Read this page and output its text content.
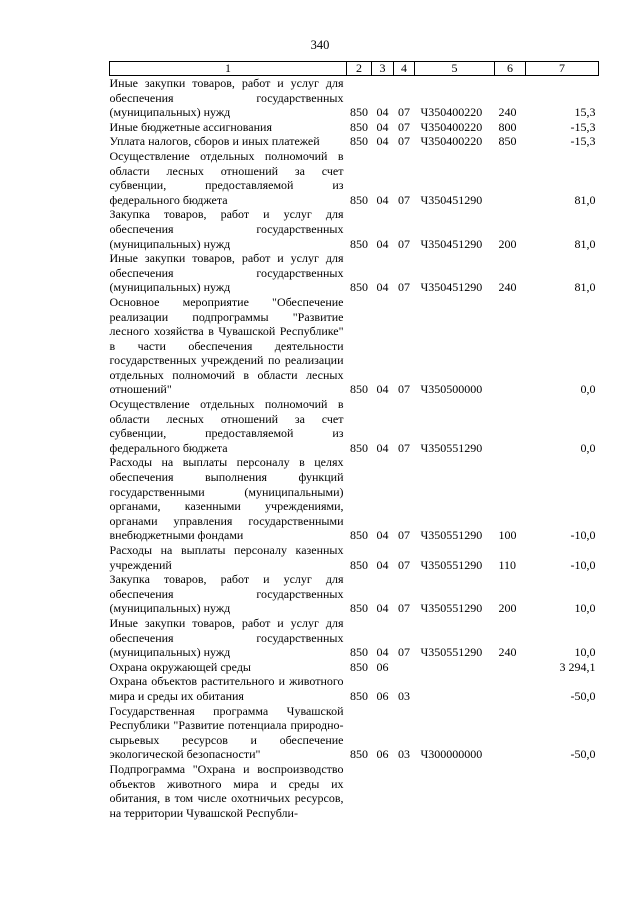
340
1	2	3	4	5	6	7
Иные закупки товаров, работ и услуг для обеспечения государственных (муниципальных) нужд	850	04	07	Ч350400220	240	15,3
Иные бюджетные ассигнования	850	04	07	Ч350400220	800	-15,3
Уплата налогов, сборов и иных платежей	850	04	07	Ч350400220	850	-15,3
Осуществление отдельных полномочий в области лесных отношений за счет субвенции, предоставляемой из федерального бюджета	850	04	07	Ч350451290		81,0
Закупка товаров, работ и услуг для обеспечения государственных (муниципальных) нужд	850	04	07	Ч350451290	200	81,0
Иные закупки товаров, работ и услуг для обеспечения государственных (муниципальных) нужд	850	04	07	Ч350451290	240	81,0
Основное мероприятие "Обеспечение реализации подпрограммы "Развитие лесного хозяйства в Чувашской Республике" в части обеспечения деятельности государственных учреждений по реализации отдельных полномочий в области лесных отношений"	850	04	07	Ч350500000		0,0
Осуществление отдельных полномочий в области лесных отношений за счет субвенции, предоставляемой из федерального бюджета	850	04	07	Ч350551290		0,0
Расходы на выплаты персоналу в целях обеспечения выполнения функций государственными (муниципальными) органами, казенными учреждениями, органами управления государственными внебюджетными фондами	850	04	07	Ч350551290	100	-10,0
Расходы на выплаты персоналу казенных учреждений	850	04	07	Ч350551290	110	-10,0
Закупка товаров, работ и услуг для обеспечения государственных (муниципальных) нужд	850	04	07	Ч350551290	200	10,0
Иные закупки товаров, работ и услуг для обеспечения государственных (муниципальных) нужд	850	04	07	Ч350551290	240	10,0
Охрана окружающей среды	850	06				3 294,1
Охрана объектов растительного и животного мира и среды их обитания	850	06	03			-50,0
Государственная программа Чувашской Республики "Развитие потенциала природно-сырьевых ресурсов и обеспечение экологической безопасности"	850	06	03	Ч300000000		-50,0
Подпрограмма "Охрана и воспроизводство объектов животного мира и среды их обитания, в том числе охотничьих ресурсов, на территории Чувашской Республи-						
